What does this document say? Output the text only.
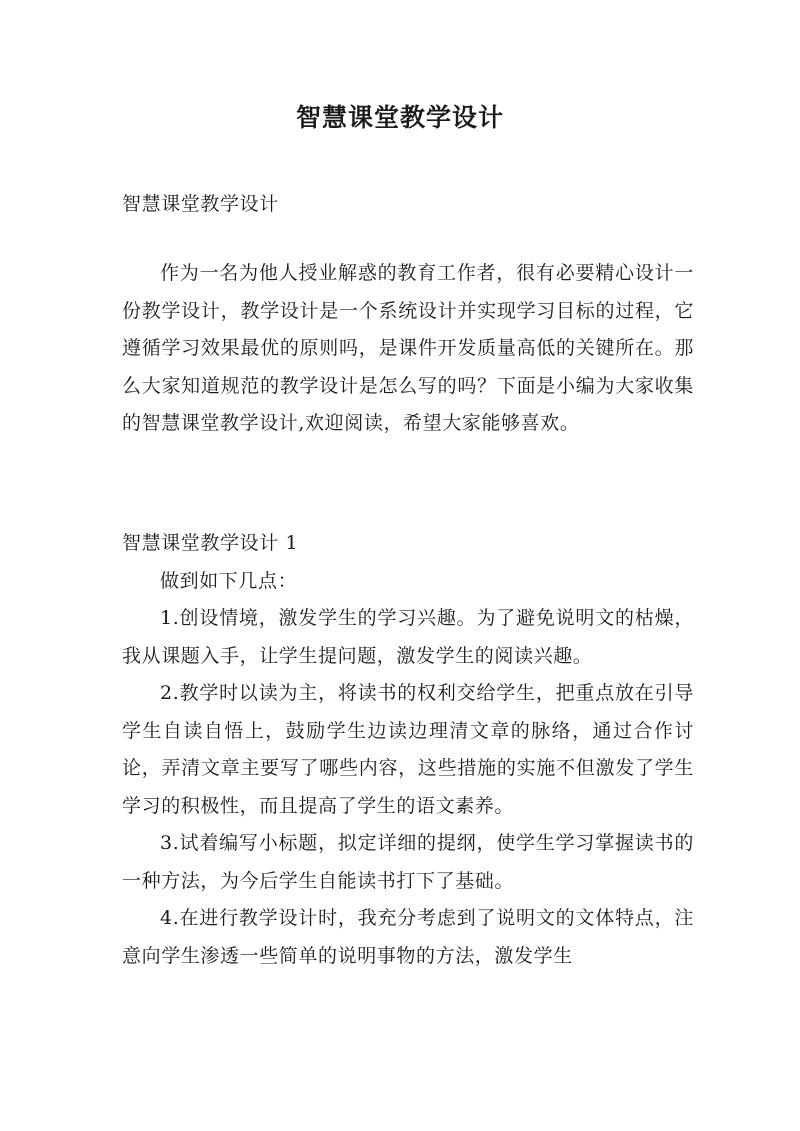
智慧课堂教学设计
智慧课堂教学设计

作为一名为他人授业解惑的教育工作者，很有必要精心设计一份教学设计，教学设计是一个系统设计并实现学习目标的过程，它遵循学习效果最优的原则吗，是课件开发质量高低的关键所在。那么大家知道规范的教学设计是怎么写的吗？下面是小编为大家收集的智慧课堂教学设计,欢迎阅读，希望大家能够喜欢。

智慧课堂教学设计 1

做到如下几点：

1.创设情境，激发学生的学习兴趣。为了避免说明文的枯燥，我从课题入手，让学生提问题，激发学生的阅读兴趣。

2.教学时以读为主，将读书的权利交给学生，把重点放在引导学生自读自悟上，鼓励学生边读边理清文章的脉络，通过合作讨论，弄清文章主要写了哪些内容，这些措施的实施不但激发了学生学习的积极性，而且提高了学生的语文素养。

3.试着编写小标题，拟定详细的提纲，使学生学习掌握读书的一种方法，为今后学生自能读书打下了基础。

4.在进行教学设计时，我充分考虑到了说明文的文体特点，注意向学生渗透一些简单的说明事物的方法，激发学生
